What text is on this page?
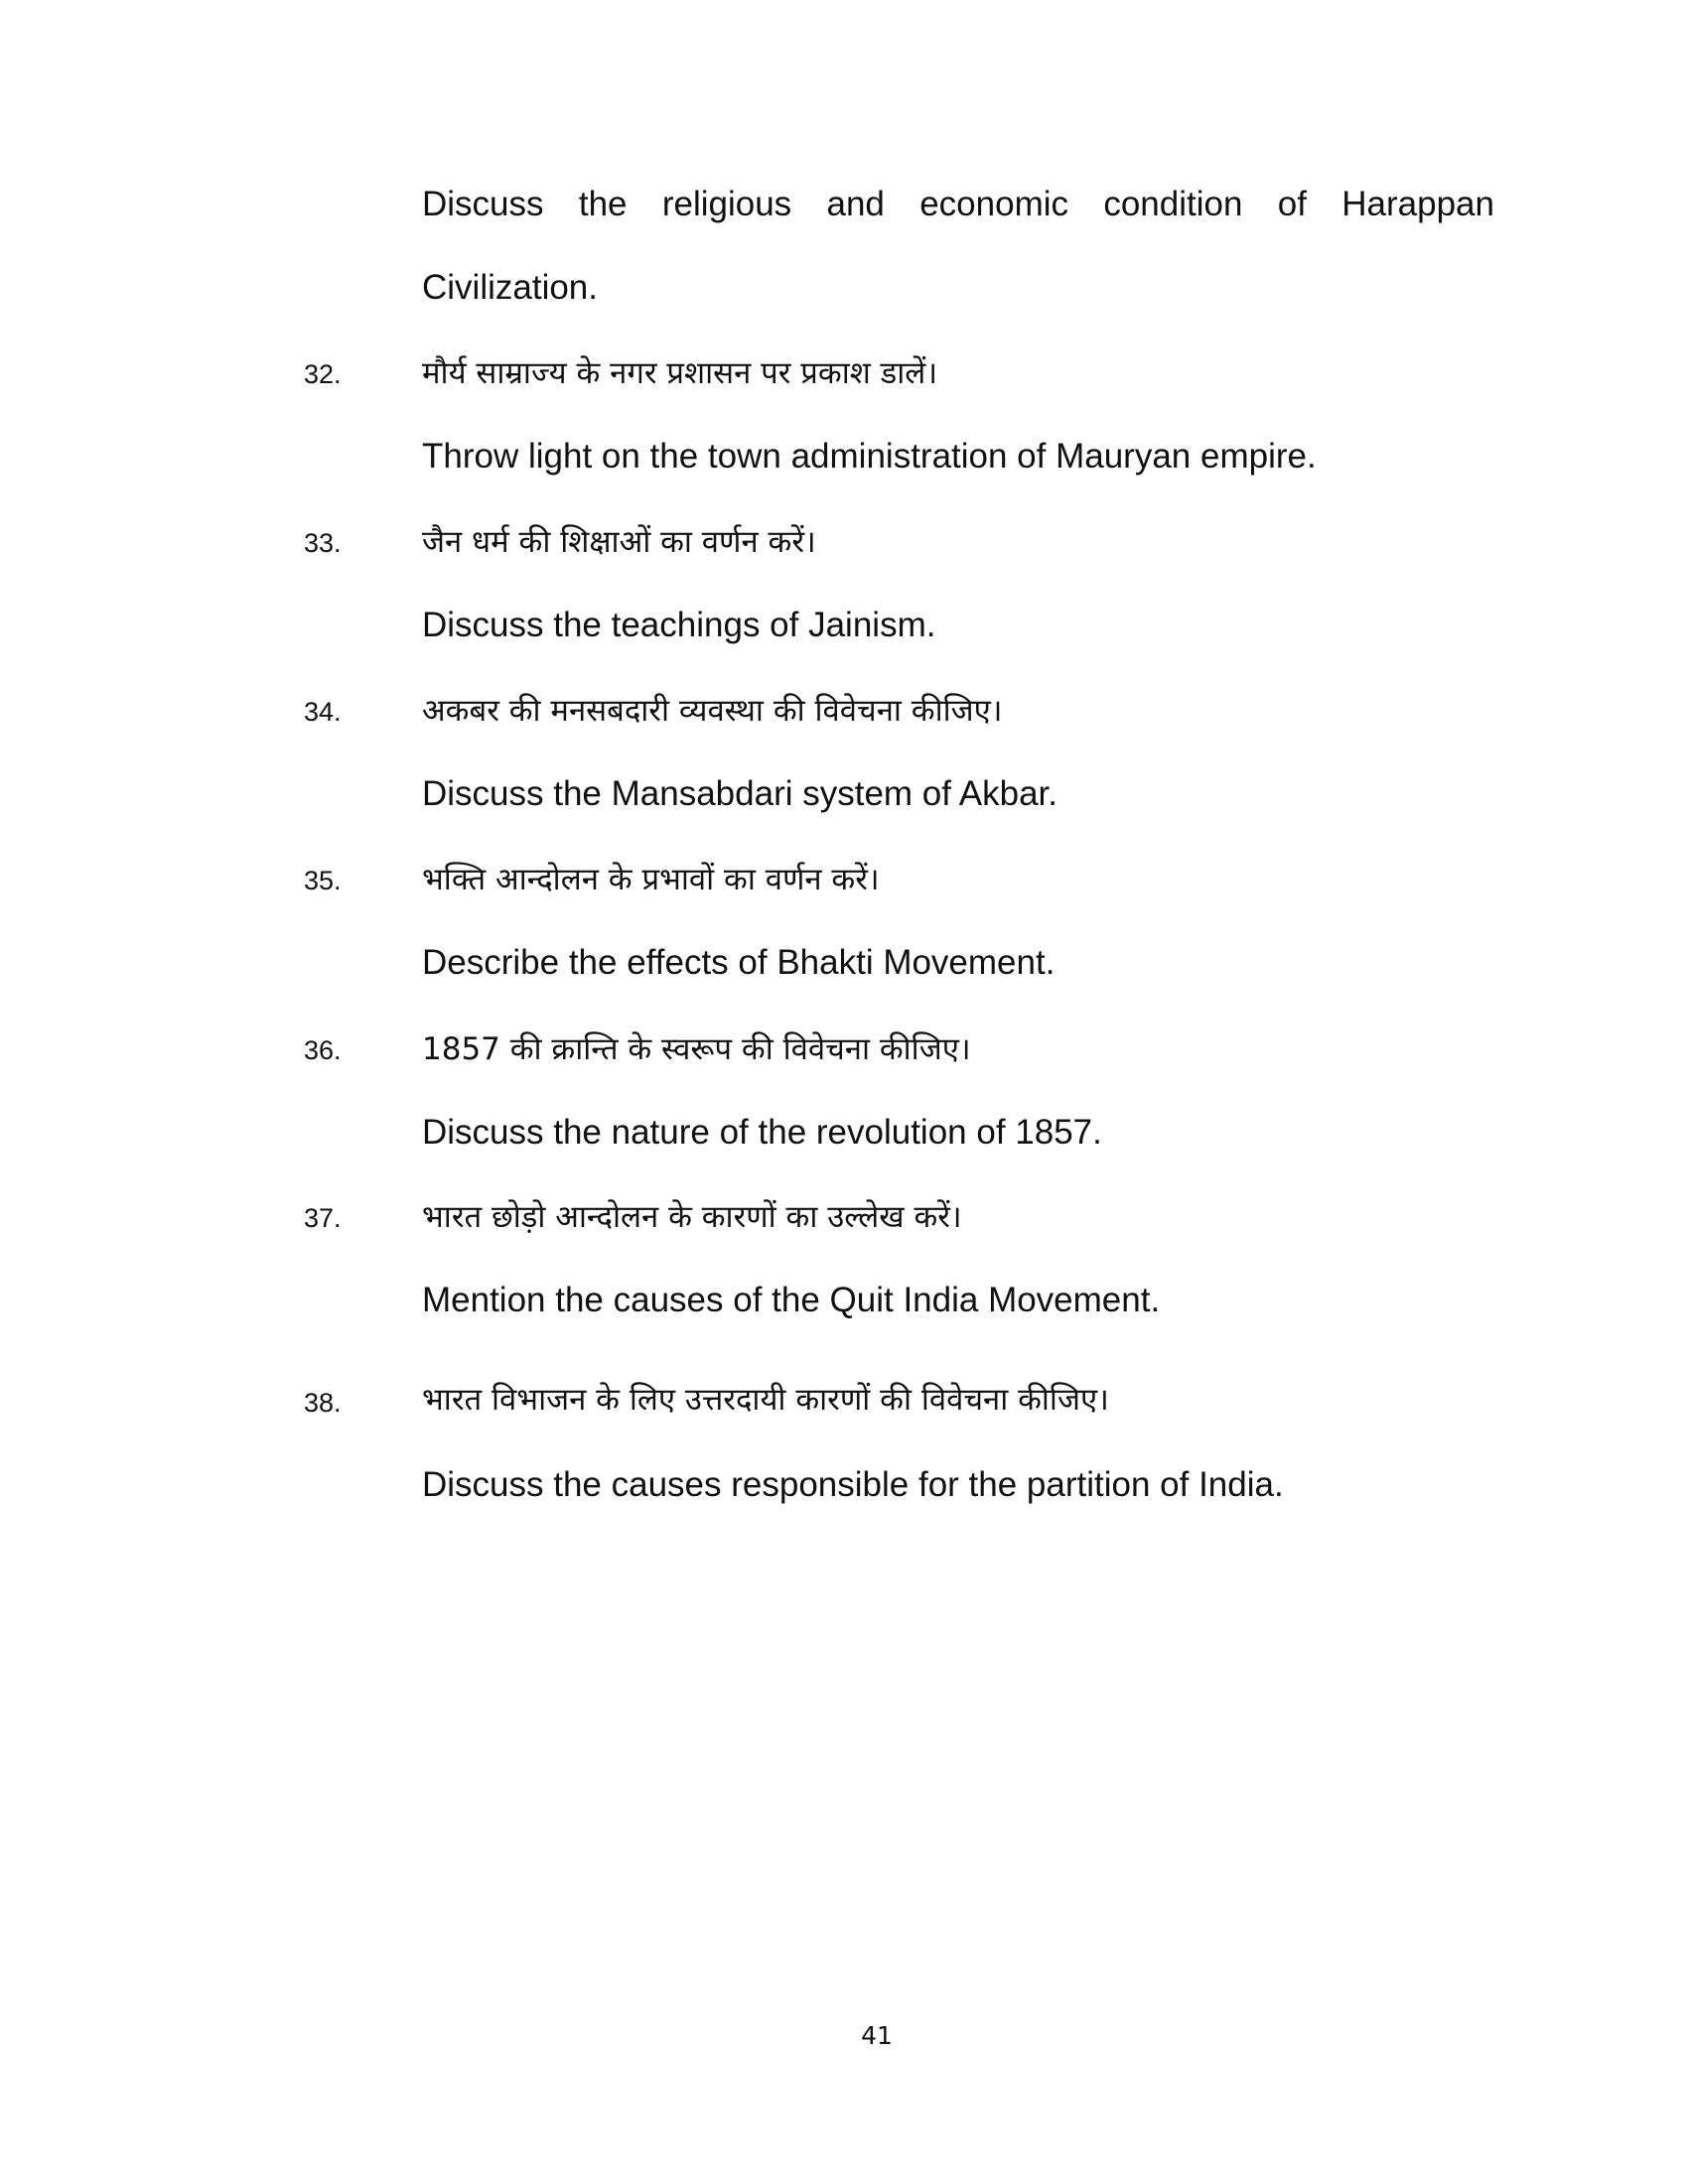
Discuss the religious and economic condition of Harappan
Civilization.
32.	मौर्य साम्राज्य के नगर प्रशासन पर प्रकाश डालें।
Throw light on the town administration of Mauryan empire.
33.	जैन धर्म की शिक्षाओं का वर्णन करें।
Discuss the teachings of Jainism.
34.	अकबर की मनसबदारी व्यवस्था की विवेचना कीजिए।
Discuss the Mansabdari system of Akbar.
35.	भक्ति आन्दोलन के प्रभावों का वर्णन करें।
Describe the effects of Bhakti Movement.
36.	1857 की क्रान्ति के स्वरूप की विवेचना कीजिए।
Discuss the nature of the revolution of 1857.
37.	भारत छोड़ो आन्दोलन के कारणों का उल्लेख करें।
Mention the causes of the Quit India Movement.
38.	भारत विभाजन के लिए उत्तरदायी कारणों की विवेचना कीजिए।
Discuss the causes responsible for the partition of India.
41
